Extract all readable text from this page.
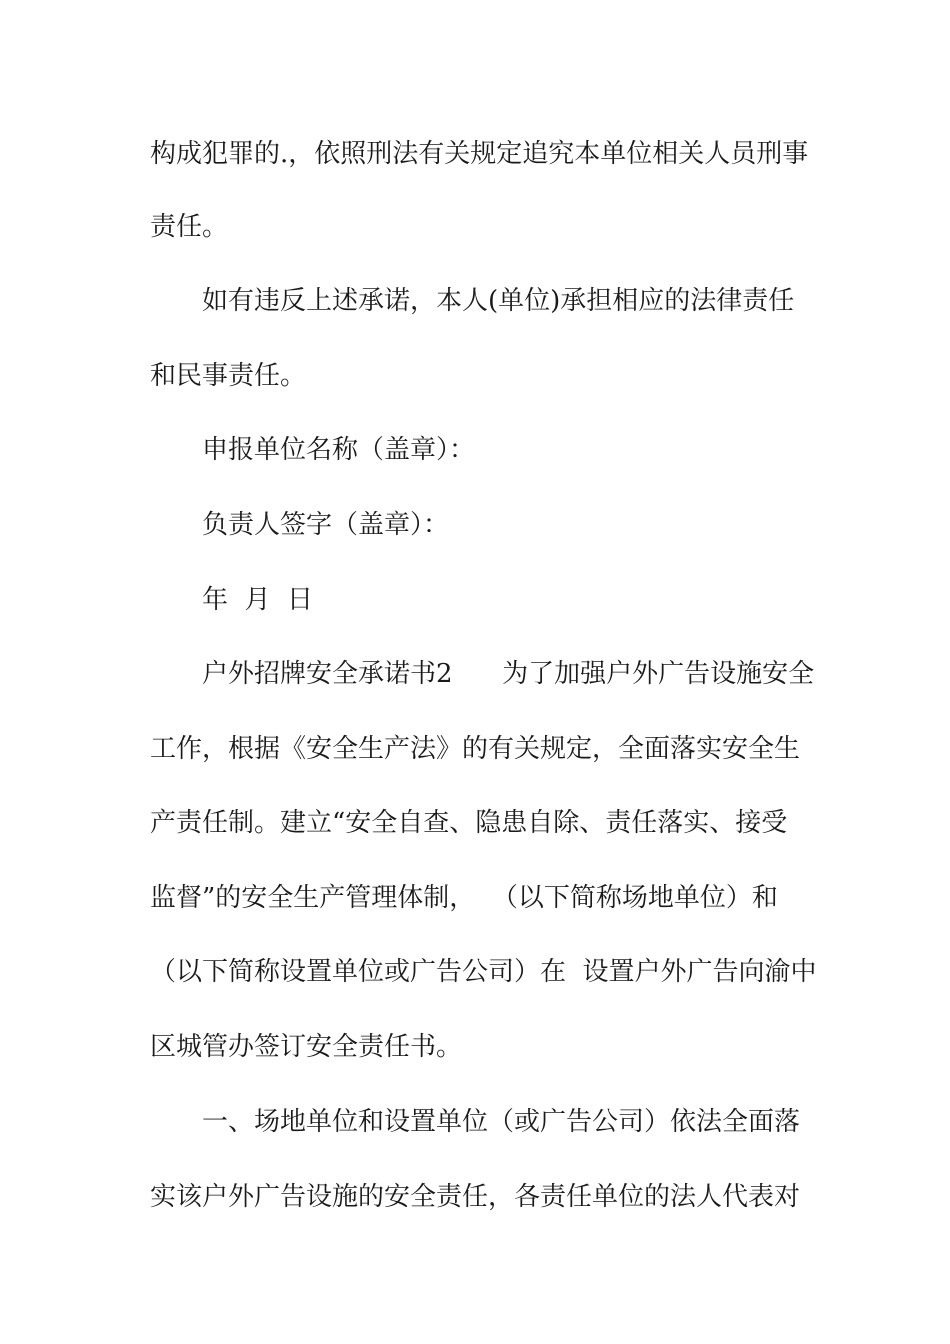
构成犯罪的.，依照刑法有关规定追究本单位相关人员刑事
责任。
如有违反上述承诺，本人(单位)承担相应的法律责任
和民事责任。
申报单位名称（盖章）：
负责人签字（盖章）：
年  月  日
户外招牌安全承诺书2      为了加强户外广告设施安全
工作，根据《安全生产法》的有关规定，全面落实安全生
产责任制。建立“安全自查、隐患自除、责任落实、接受
监督”的安全生产管理体制，  （以下简称场地单位）和
（以下简称设置单位或广告公司）在  设置户外广告向渝中
区城管办签订安全责任书。
一、场地单位和设置单位（或广告公司）依法全面落
实该户外广告设施的安全责任，各责任单位的法人代表对
